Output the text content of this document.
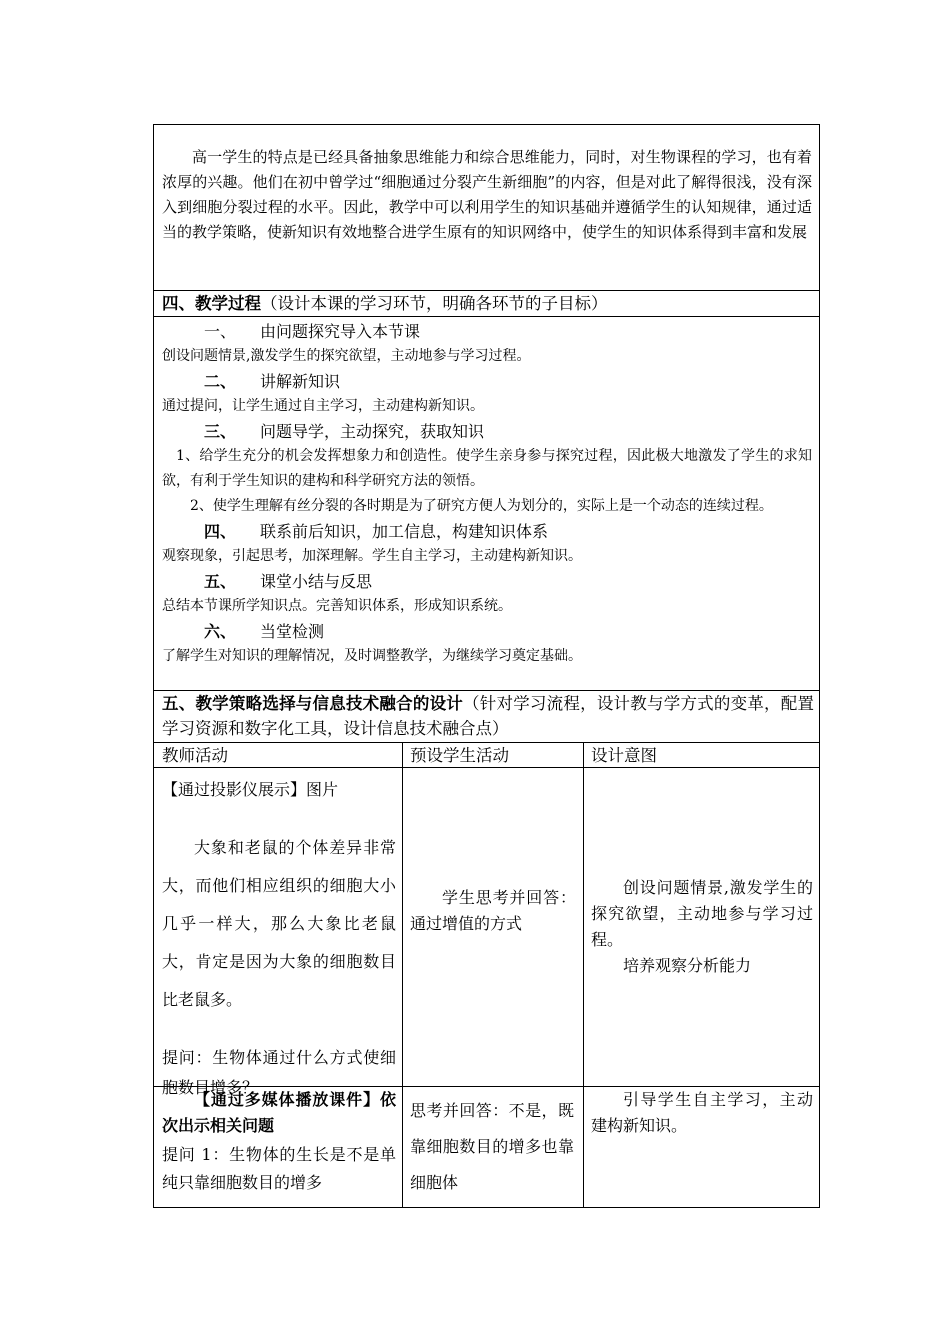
高一学生的特点是已经具备抽象思维能力和综合思维能力，同时，对生物课程的学习，也有着浓厚的兴趣。他们在初中曾学过“细胞通过分裂产生新细胞”的内容，但是对此了解得很浅，没有深入到细胞分裂过程的水平。因此，教学中可以利用学生的知识基础并遵循学生的认知规律，通过适当的教学策略，使新知识有效地整合进学生原有的知识网络中，使学生的知识体系得到丰富和发展

四、教学过程（设计本课的学习环节，明确各环节的子目标）

一、 由问题探究导入本节课

创设问题情景,激发学生的探究欲望，主动地参与学习过程。

二、 讲解新知识

通过提问，让学生通过自主学习，主动建构新知识。

三、 问题导学，主动探究，获取知识

1、给学生充分的机会发挥想象力和创造性。使学生亲身参与探究过程，因此极大地激发了学生的求知欲，有利于学生知识的建构和科学研究方法的领悟。

2、使学生理解有丝分裂的各时期是为了研究方便人为划分的，实际上是一个动态的连续过程。

四、 联系前后知识，加工信息，构建知识体系

观察现象，引起思考，加深理解。学生自主学习，主动建构新知识。

五、 课堂小结与反思

总结本节课所学知识点。完善知识体系，形成知识系统。

六、 当堂检测

了解学生对知识的理解情况，及时调整教学，为继续学习奠定基础。

五、教学策略选择与信息技术融合的设计（针对学习流程，设计教与学方式的变革，配置学习资源和数字化工具，设计信息技术融合点）

教师活动	预设学生活动	设计意图

【通过投影仪展示】图片

大象和老鼠的个体差异非常大，而他们相应组织的细胞大小几乎一样大，那么大象比老鼠大，肯定是因为大象的细胞数目比老鼠多。

提问：生物体通过什么方式使细胞数目增多？

学生思考并回答：通过增值的方式

创设问题情景,激发学生的探究欲望，主动地参与学习过程。

培养观察分析能力

【通过多媒体播放课件】依次出示相关问题

提问 1：生物体的生长是不是单纯只靠细胞数目的增多

思考并回答：不是，既靠细胞数目的增多也靠细胞体

引导学生自主学习，主动建构新知识。
